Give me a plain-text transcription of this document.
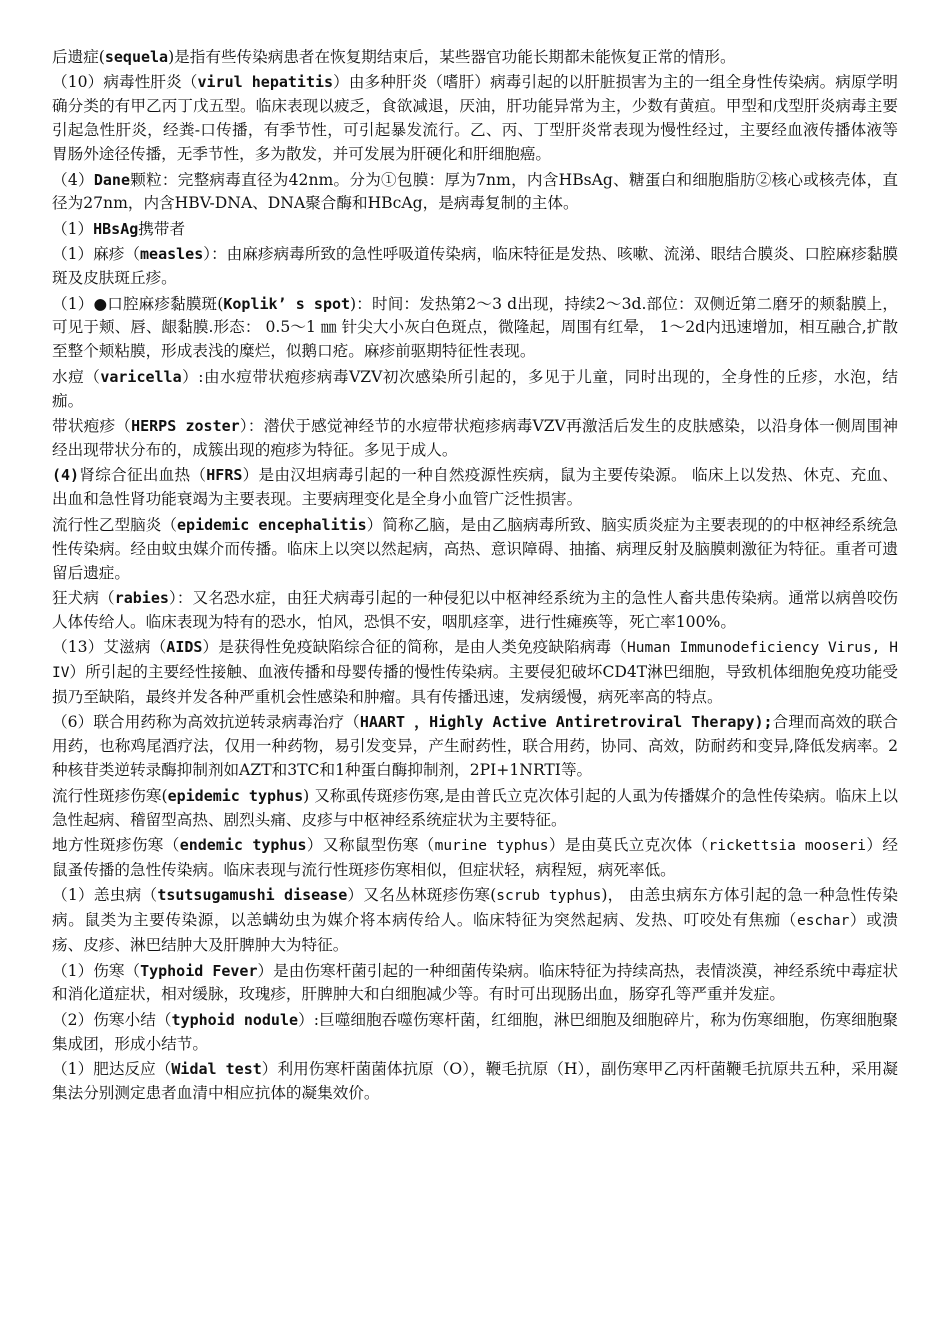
后遗症(sequela)是指有些传染病患者在恢复期结束后，某些器官功能长期都未能恢复正常的情形。

（10）病毒性肝炎（virul hepatitis）由多种肝炎（嗜肝）病毒引起的以肝脏损害为主的一组全身性传染病。病原学明确分类的有甲乙丙丁戊五型。临床表现以疲乏，食欲减退，厌油，肝功能异常为主，少数有黄疸。甲型和戊型肝炎病毒主要引起急性肝炎，经粪-口传播，有季节性，可引起暴发流行。乙、丙、丁型肝炎常表现为慢性经过，主要经血液传播体液等胃肠外途径传播，无季节性，多为散发，并可发展为肝硬化和肝细胞癌。

（4）Dane颗粒：完整病毒直径为42nm。分为①包膜：厚为7nm，内含HBsAg、糖蛋白和细胞脂肪②核心或核壳体，直径为27nm，内含HBV-DNA、DNA聚合酶和HBcAg，是病毒复制的主体。

（1）HBsAg携带者

（1）麻疹（measles）：由麻疹病毒所致的急性呼吸道传染病，临床特征是发热、咳嗽、流涕、眼结合膜炎、口腔麻疹黏膜斑及皮肤斑丘疹。

（1）●口腔麻疹黏膜斑(Koplik’ s spot)：时间：发热第2～3 d出现，持续2～3d.部位：双侧近第二磨牙的颊黏膜上，可见于颊、唇、龈黏膜.形态： 0.5～1 ㎜ 针尖大小灰白色斑点，微隆起，周围有红晕， 1～2d内迅速增加，相互融合,扩散至整个颊粘膜，形成表浅的糜烂，似鹅口疮。麻疹前驱期特征性表现。

水痘（varicella）:由水痘带状疱疹病毒VZV初次感染所引起的，多见于儿童，同时出现的，全身性的丘疹，水泡，结痂。

带状疱疹（HERPS zoster）：潜伏于感觉神经节的水痘带状疱疹病毒VZV再激活后发生的皮肤感染，以沿身体一侧周围神经出现带状分布的，成簇出现的疱疹为特征。多见于成人。

(4)肾综合征出血热（HFRS）是由汉坦病毒引起的一种自然疫源性疾病，鼠为主要传染源。 临床上以发热、休克、充血、出血和急性肾功能衰竭为主要表现。主要病理变化是全身小血管广泛性损害。

流行性乙型脑炎（epidemic encephalitis）简称乙脑，是由乙脑病毒所致、脑实质炎症为主要表现的的中枢神经系统急性传染病。经由蚊虫媒介而传播。临床上以突以然起病，高热、意识障碍、抽搐、病理反射及脑膜刺激征为特征。重者可遗留后遗症。

狂犬病（rabies）：又名恐水症，由狂犬病毒引起的一种侵犯以中枢神经系统为主的急性人畜共患传染病。通常以病兽咬伤人体传给人。临床表现为特有的恐水，怕风，恐惧不安，咽肌痉挛，进行性瘫痪等，死亡率100%。

（13）艾滋病（AIDS）是获得性免疫缺陷综合征的简称，是由人类免疫缺陷病毒（Human Immunodeficiency Virus, HIV）所引起的主要经性接触、血液传播和母婴传播的慢性传染病。主要侵犯破坏CD4T淋巴细胞，导致机体细胞免疫功能受损乃至缺陷，最终并发各种严重机会性感染和肿瘤。具有传播迅速，发病缓慢，病死率高的特点。

（6）联合用药称为高效抗逆转录病毒治疗（HAART ，Highly Active Antiretroviral Therapy);合理而高效的联合用药，也称鸡尾酒疗法，仅用一种药物，易引发变异，产生耐药性，联合用药，协同、高效，防耐药和变异,降低发病率。2种核苷类逆转录酶抑制剂如AZT和3TC和1种蛋白酶抑制剂，2PI+1NRTI等。

流行性斑疹伤寒(epidemic typhus) 又称虱传斑疹伤寒,是由普氏立克次体引起的人虱为传播媒介的急性传染病。临床上以急性起病、稽留型高热、剧烈头痛、皮疹与中枢神经系统症状为主要特征。

地方性斑疹伤寒（endemic typhus）又称鼠型伤寒（murine typhus）是由莫氏立克次体（rickettsia mooseri）经鼠蚤传播的急性传染病。临床表现与流行性斑疹伤寒相似，但症状轻，病程短，病死率低。

（1）恙虫病（tsutsugamushi disease）又名丛林斑疹伤寒(scrub typhus)， 由恙虫病东方体引起的急一种急性传染病。鼠类为主要传染源，以恙螨幼虫为媒介将本病传给人。临床特征为突然起病、发热、叮咬处有焦痂（eschar）或溃疡、皮疹、淋巴结肿大及肝脾肿大为特征。

（1）伤寒（Typhoid Fever）是由伤寒杆菌引起的一种细菌传染病。临床特征为持续高热，表情淡漠，神经系统中毒症状和消化道症状，相对缓脉，玫瑰疹，肝脾肿大和白细胞减少等。有时可出现肠出血，肠穿孔等严重并发症。

（2）伤寒小结（typhoid nodule）:巨噬细胞吞噬伤寒杆菌，红细胞，淋巴细胞及细胞碎片，称为伤寒细胞，伤寒细胞聚集成团，形成小结节。

（1）肥达反应（Widal test）利用伤寒杆菌菌体抗原（O），鞭毛抗原（H），副伤寒甲乙丙杆菌鞭毛抗原共五种，采用凝集法分别测定患者血清中相应抗体的凝集效价。
